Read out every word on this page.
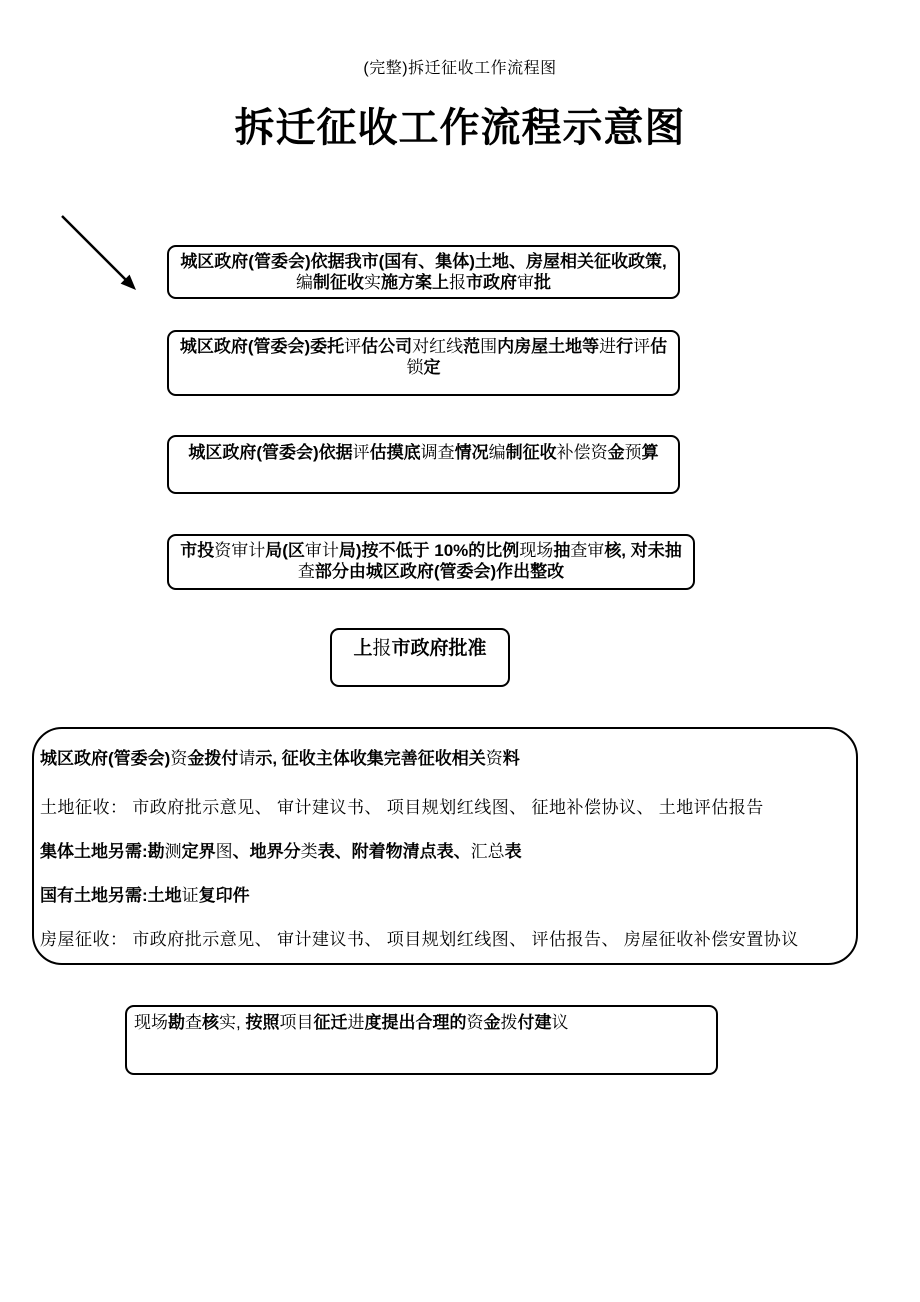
(完整)拆迁征收工作流程图
拆迁征收工作流程示意图
城区政府(管委会)依据我市(国有、集体)土地、房屋相关征收政策, 编制征收实施方案上报市政府审批
城区政府(管委会)委托评估公司对红线范围内房屋土地等进行评估锁定
城区政府(管委会)依据评估摸底调查情况编制征收补偿资金预算
市投资审计局(区审计局)按不低于 10%的比例现场抽查审核, 对未抽查部分由城区政府(管委会)作出整改
上报市政府批准
城区政府(管委会)资金拨付请示, 征收主体收集完善征收相关资料
土地征收： 市政府批示意见、 审计建议书、 项目规划红线图、 征地补偿协议、 土地评估报告
集体土地另需:勘测定界图、地界分类表、附着物清点表、汇总表
国有土地另需:土地证复印件
房屋征收： 市政府批示意见、 审计建议书、 项目规划红线图、 评估报告、 房屋征收补偿安置协议
现场勘查核实, 按照项目征迁进度提出合理的资金拨付建议
